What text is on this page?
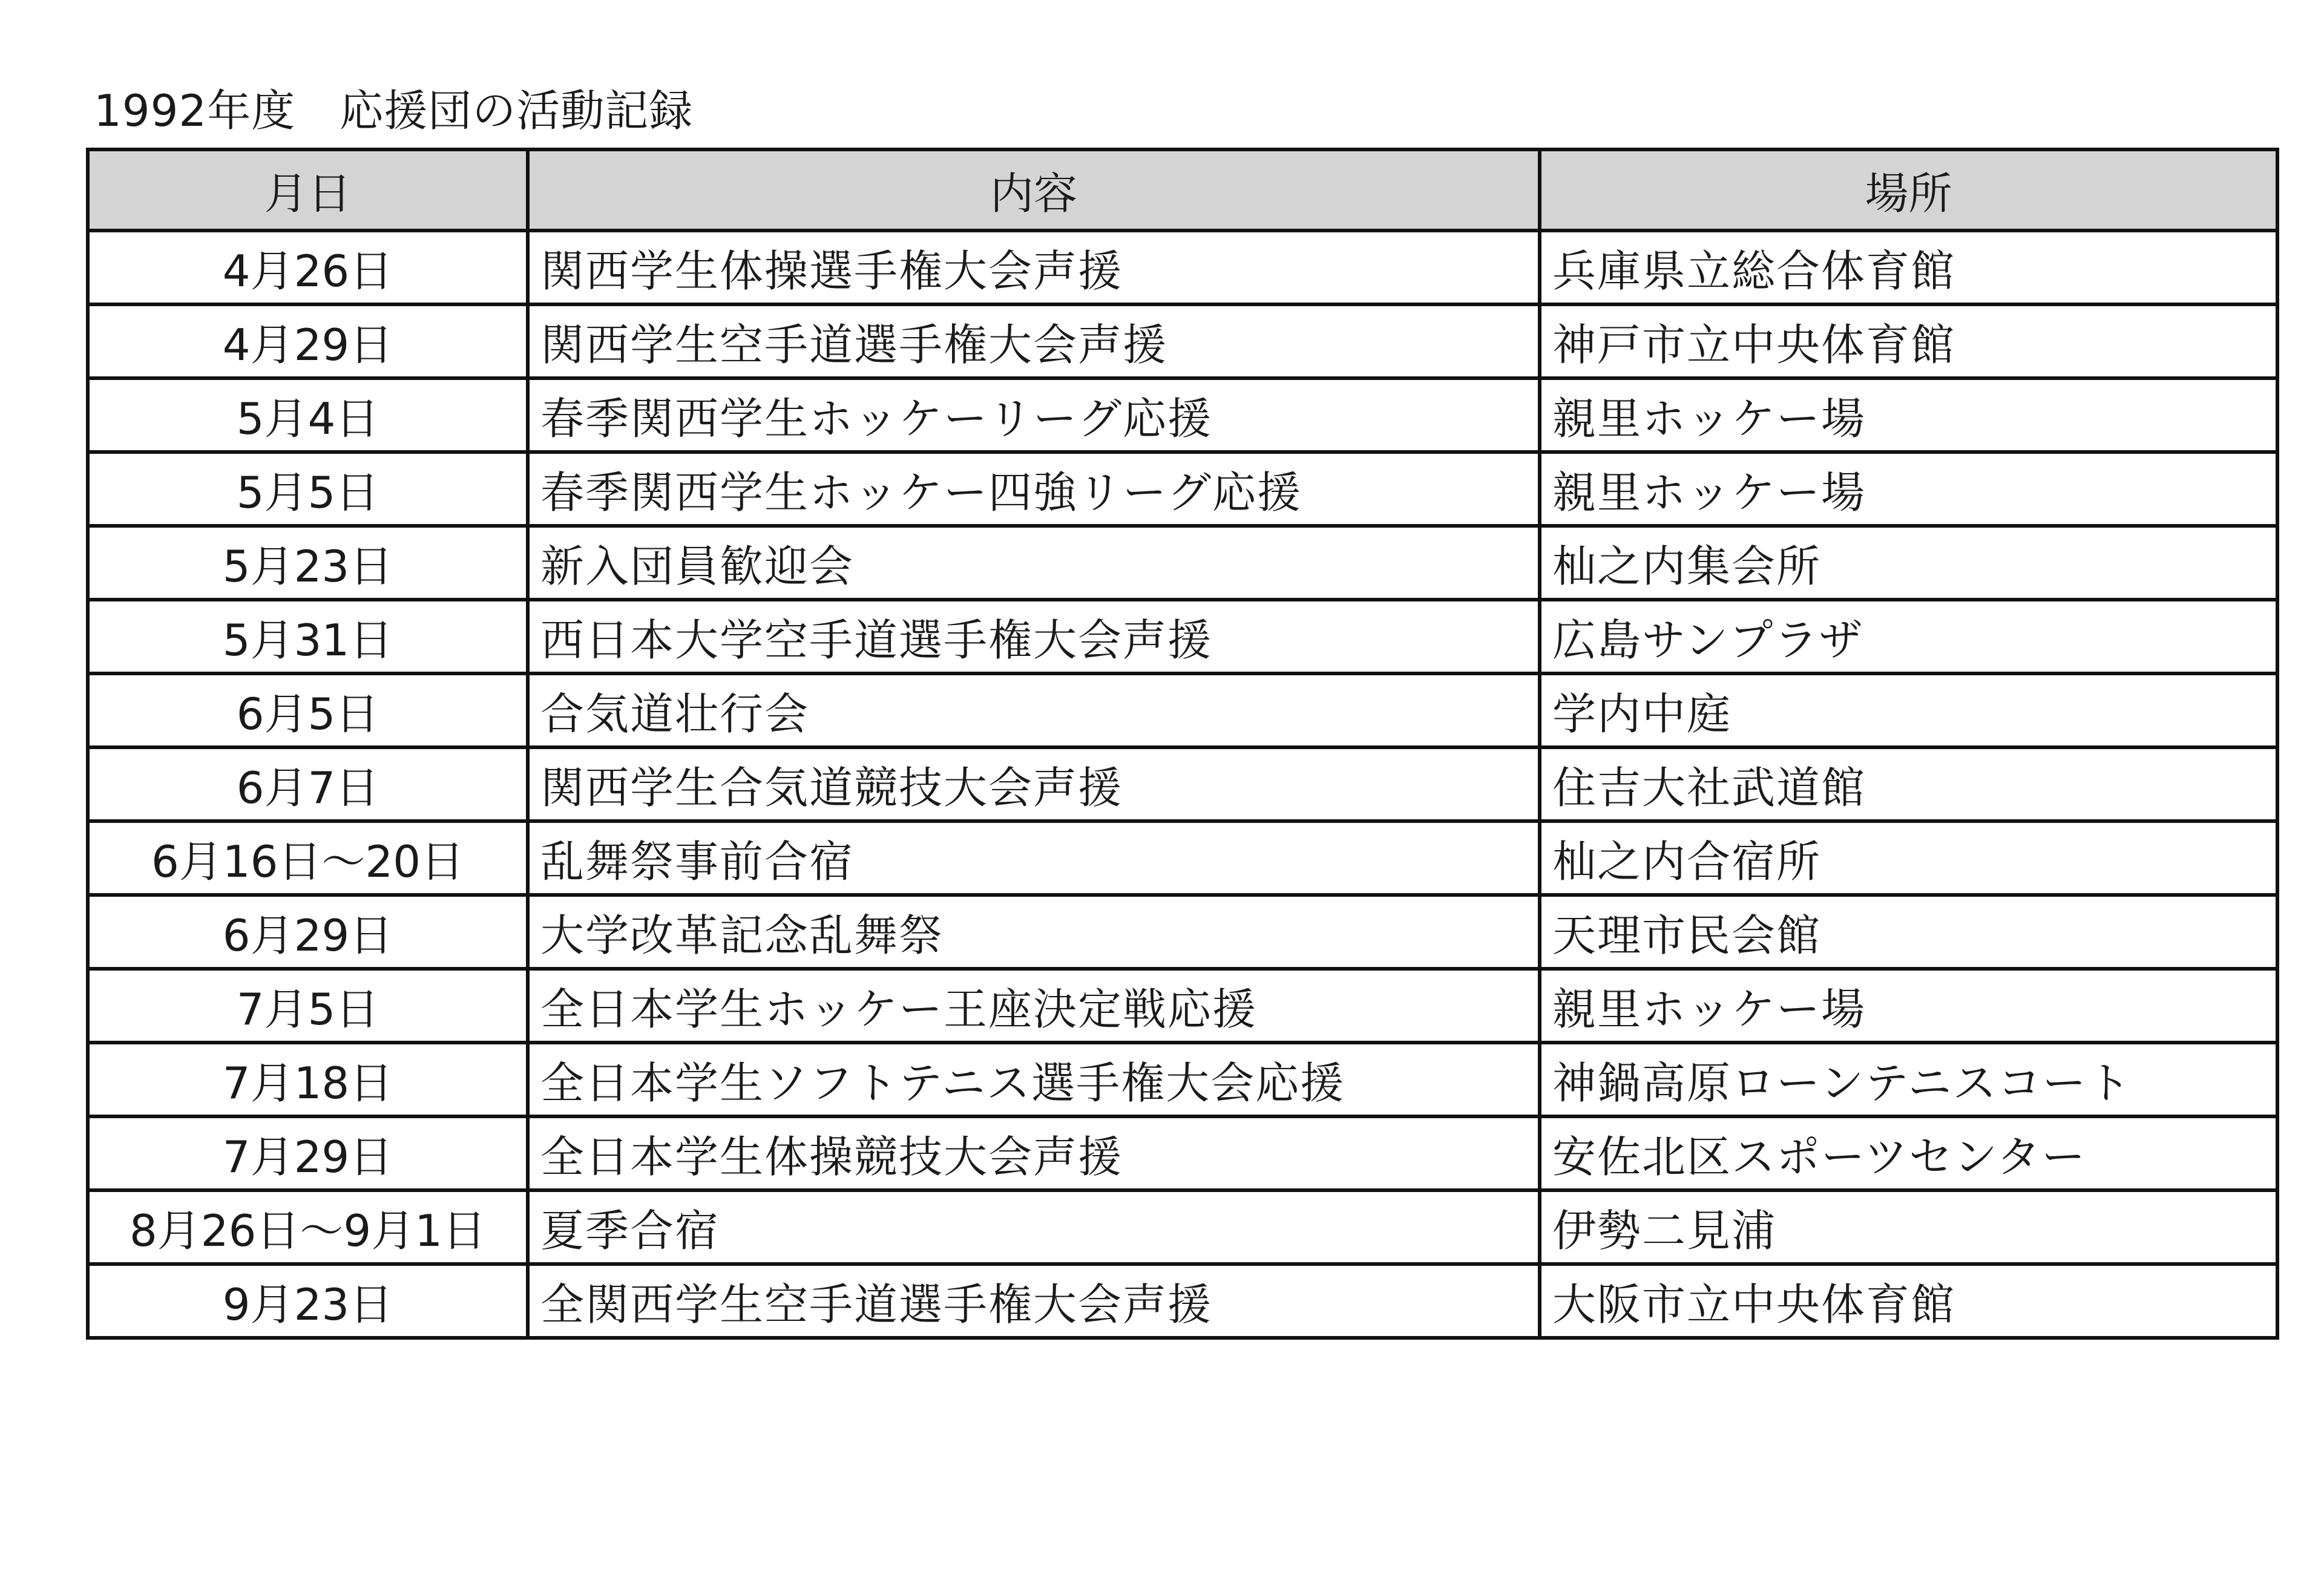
1992年度　応援団の活動記録
月日	内容	場所
4月26日	関西学生体操選手権大会声援	兵庫県立総合体育館
4月29日	関西学生空手道選手権大会声援	神戸市立中央体育館
5月4日	春季関西学生ホッケーリーグ応援	親里ホッケー場
5月5日	春季関西学生ホッケー四強リーグ応援	親里ホッケー場
5月23日	新入団員歓迎会	杣之内集会所
5月31日	西日本大学空手道選手権大会声援	広島サンプラザ
6月5日	合気道壮行会	学内中庭
6月7日	関西学生合気道競技大会声援	住吉大社武道館
6月16日～20日	乱舞祭事前合宿	杣之内合宿所
6月29日	大学改革記念乱舞祭	天理市民会館
7月5日	全日本学生ホッケー王座決定戦応援	親里ホッケー場
7月18日	全日本学生ソフトテニス選手権大会応援	神鍋高原ローンテニスコート
7月29日	全日本学生体操競技大会声援	安佐北区スポーツセンター
8月26日～9月1日	夏季合宿	伊勢二見浦
9月23日	全関西学生空手道選手権大会声援	大阪市立中央体育館
